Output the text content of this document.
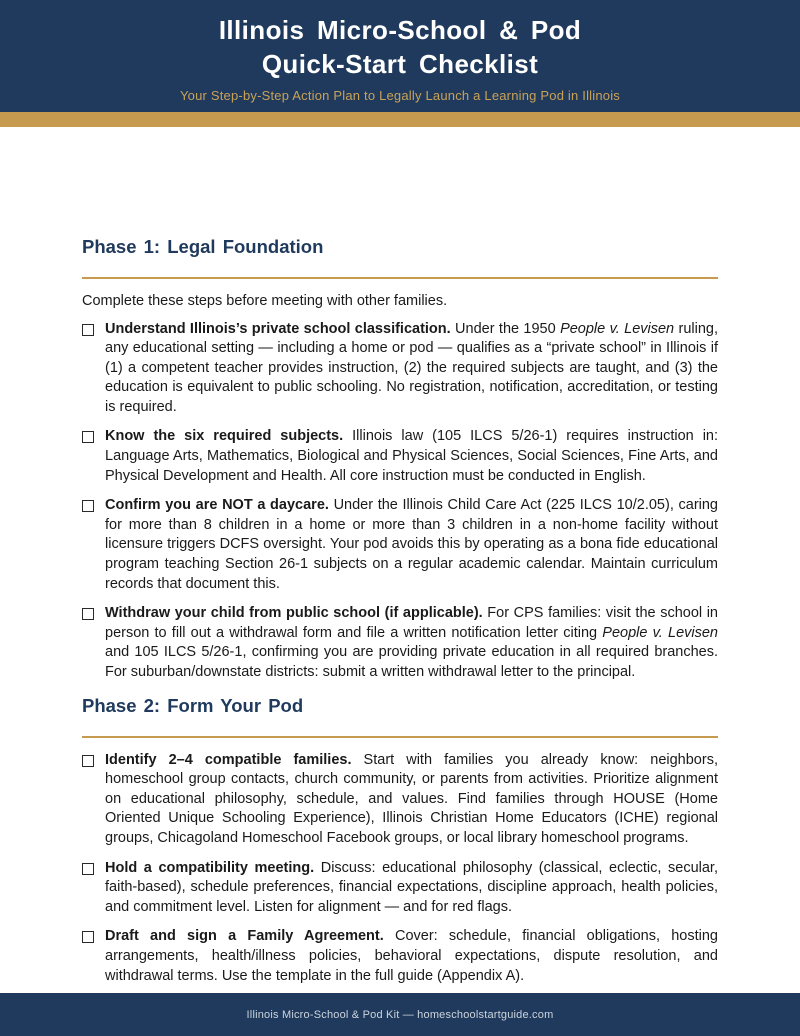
Illinois Micro-School & Pod
Quick-Start Checklist
Your Step-by-Step Action Plan to Legally Launch a Learning Pod in Illinois
Phase 1: Legal Foundation

Complete these steps before meeting with other families.

Understand Illinois’s private school classification. Under the 1950 People v. Levisen ruling, any educational setting — including a home or pod — qualifies as a “private school” in Illinois if (1) a competent teacher provides instruction, (2) the required subjects are taught, and (3) the education is equivalent to public schooling. No registration, notification, accreditation, or testing is required.
Know the six required subjects. Illinois law (105 ILCS 5/26-1) requires instruction in: Language Arts, Mathematics, Biological and Physical Sciences, Social Sciences, Fine Arts, and Physical Development and Health. All core instruction must be conducted in English.
Confirm you are NOT a daycare. Under the Illinois Child Care Act (225 ILCS 10/2.05), caring for more than 8 children in a home or more than 3 children in a non-home facility without licensure triggers DCFS oversight. Your pod avoids this by operating as a bona fide educational program teaching Section 26-1 subjects on a regular academic calendar. Maintain curriculum records that document this.
Withdraw your child from public school (if applicable). For CPS families: visit the school in person to fill out a withdrawal form and file a written notification letter citing People v. Levisen and 105 ILCS 5/26-1, confirming you are providing private education in all required branches. For suburban/downstate districts: submit a written withdrawal letter to the principal.
Phase 2: Form Your Pod
Identify 2–4 compatible families. Start with families you already know: neighbors, homeschool group contacts, church community, or parents from activities. Prioritize alignment on educational philosophy, schedule, and values. Find families through HOUSE (Home Oriented Unique Schooling Experience), Illinois Christian Home Educators (ICHE) regional groups, Chicagoland Homeschool Facebook groups, or local library homeschool programs.
Hold a compatibility meeting. Discuss: educational philosophy (classical, eclectic, secular, faith-based), schedule preferences, financial expectations, discipline approach, health policies, and commitment level. Listen for alignment — and for red flags.
Draft and sign a Family Agreement. Cover: schedule, financial obligations, hosting arrangements, health/illness policies, behavioral expectations, dispute resolution, and withdrawal terms. Use the template in the full guide (Appendix A).
Illinois Micro-School & Pod Kit — homeschoolstartguide.com
